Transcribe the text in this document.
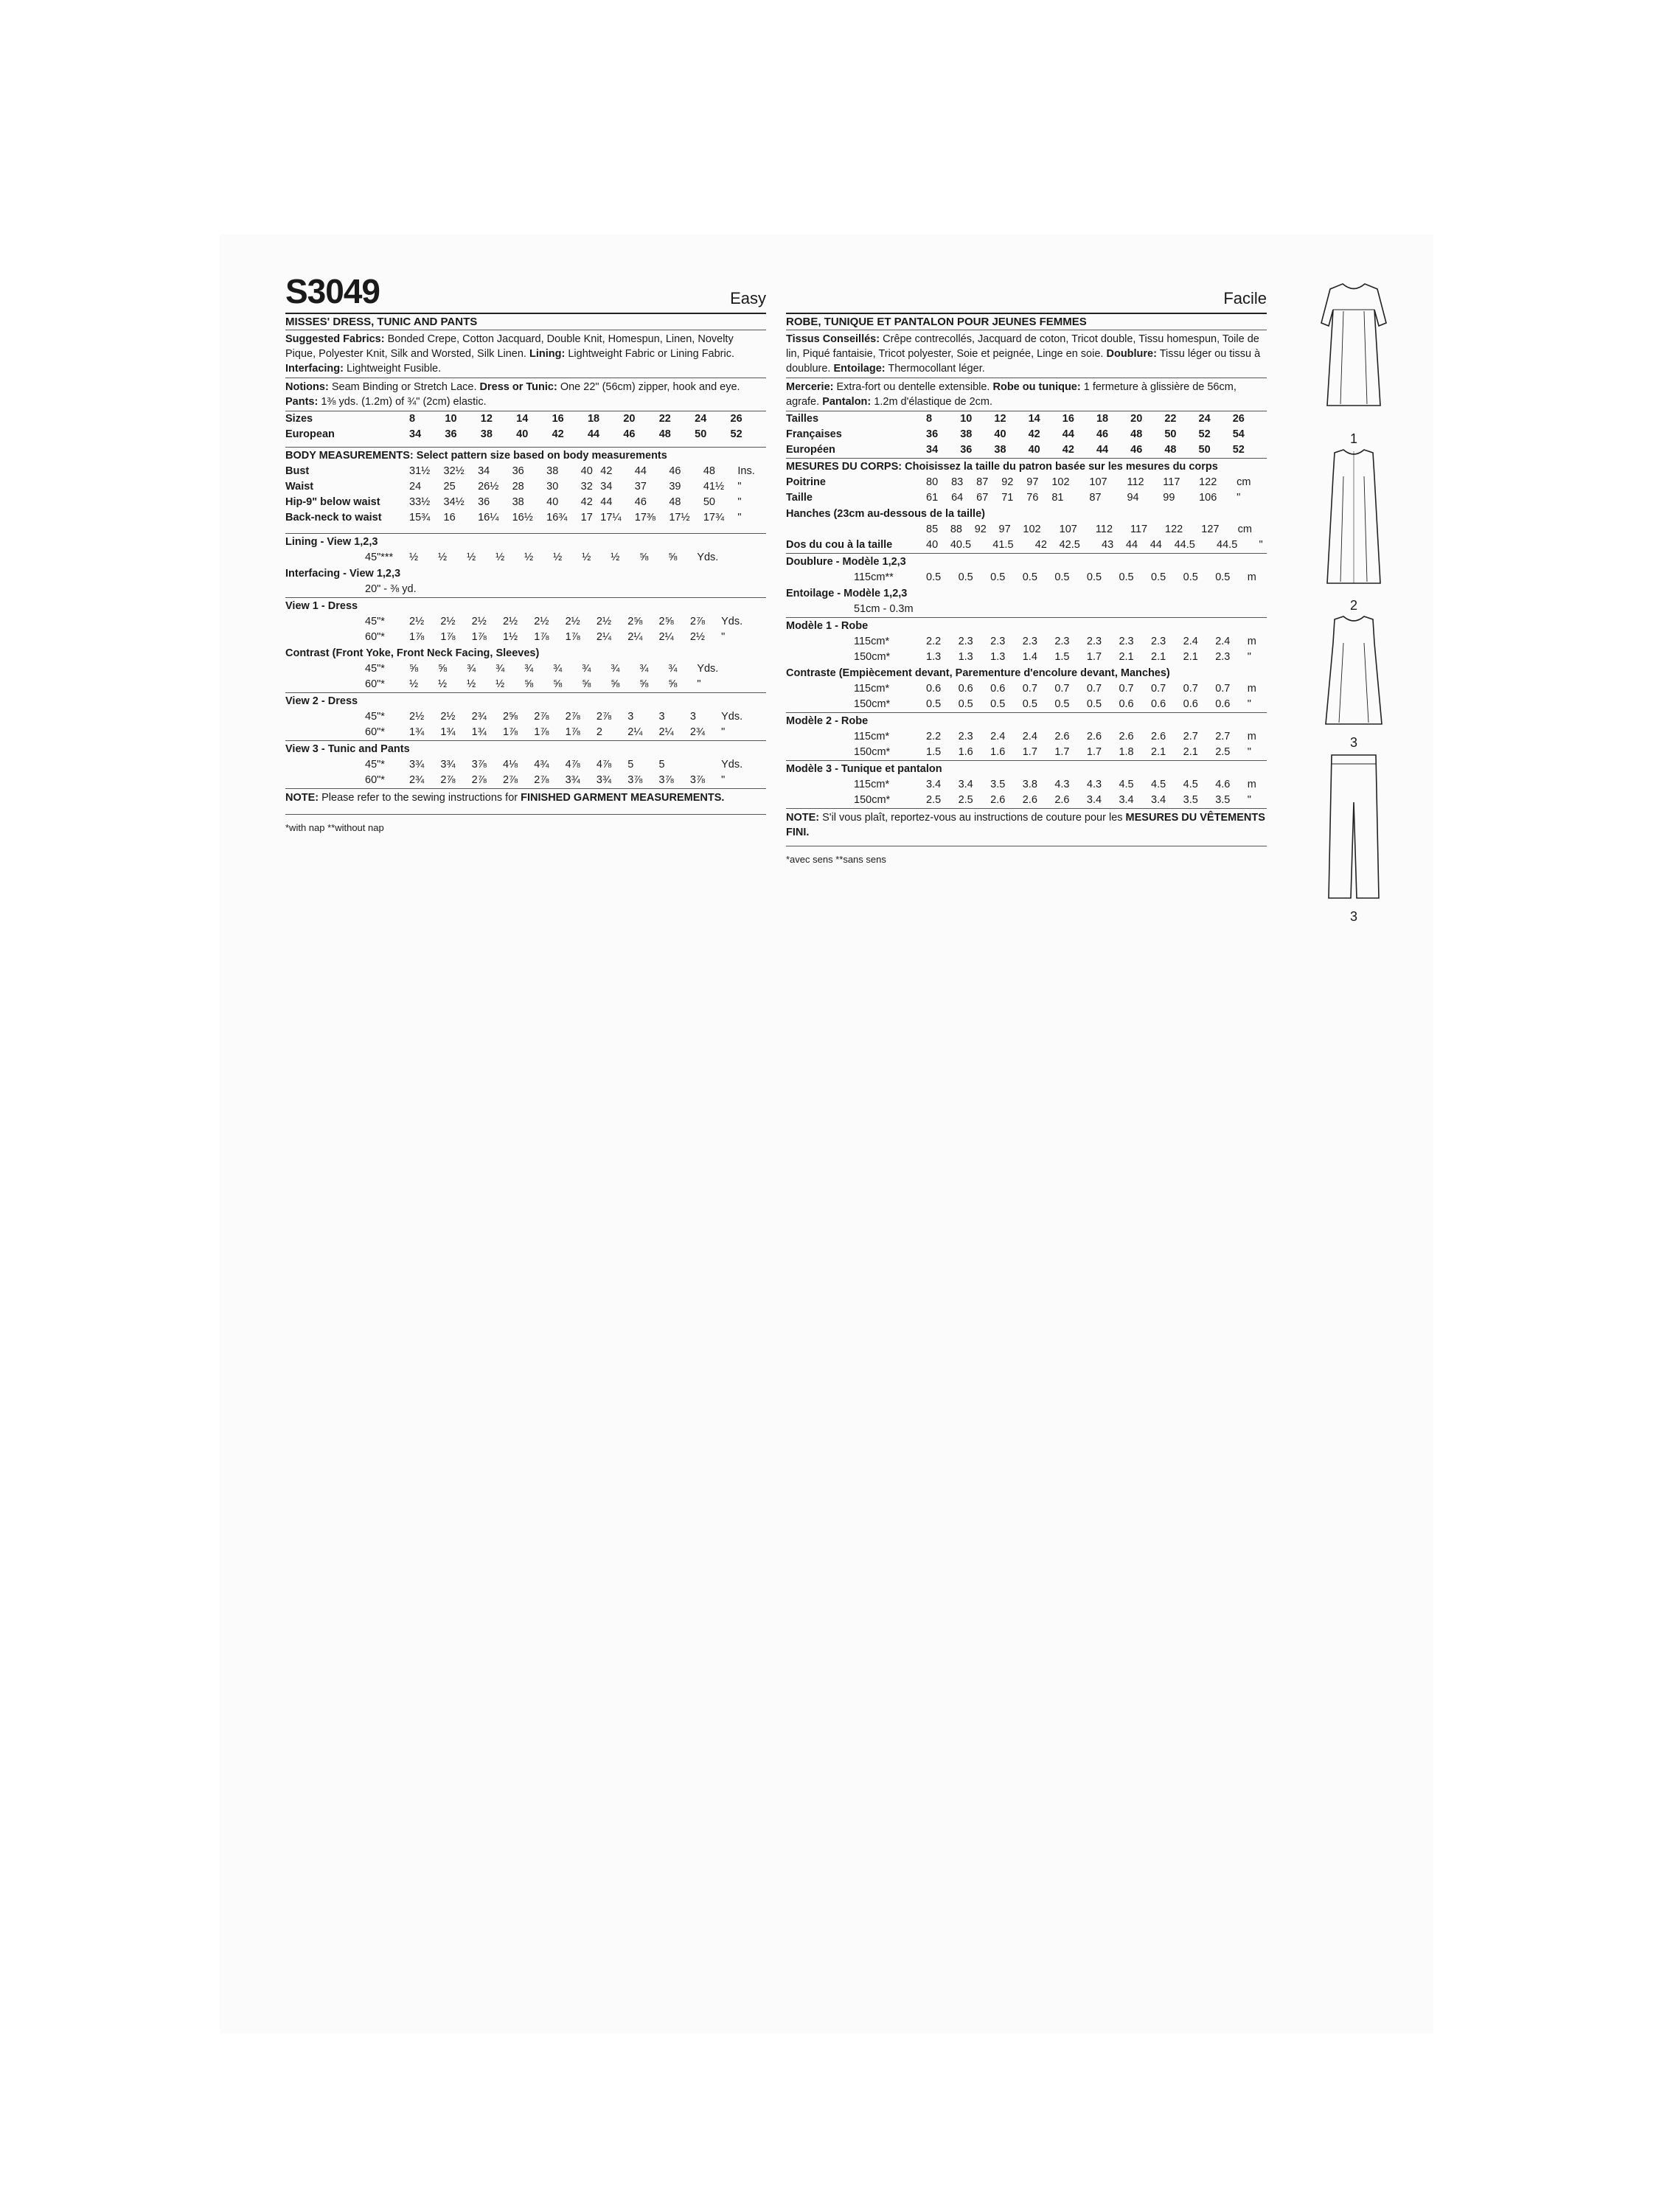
S3049	Easy
MISSES' DRESS, TUNIC AND PANTS
Suggested Fabrics: Bonded Crepe, Cotton Jacquard, Double Knit, Homespun, Linen, Novelty Pique, Polyester Knit, Silk and Worsted, Silk Linen. Lining: Lightweight Fabric or Lining Fabric. Interfacing: Lightweight Fusible.
Notions: Seam Binding or Stretch Lace. Dress or Tunic: One 22" (56cm) zipper, hook and eye. Pants: 1⅜ yds. (1.2m) of ¾" (2cm) elastic.
Sizes	8	10	12	14	16	18	20	22	24	26	
European	34	36	38	40	42	44	46	48	50	52	
BODY MEASUREMENTS: Select pattern size based on body measurements
Bust	31½	32½	34	36	38	40	42	44	46	48	Ins.
Waist	24	25	26½	28	30	32	34	37	39	41½	"
Hip-9" below waist	33½	34½	36	38	40	42	44	46	48	50	"
Back-neck to waist	15¾	16	16¼	16½	16¾	17	17¼	17⅜	17½	17¾	"
Lining - View 1,2,3
45"***	½	½	½	½	½	½	½	½	⅝	⅝	Yds.
Interfacing - View 1,2,3
20" - ⅜ yd.
View 1 - Dress
45"*	2½	2½	2½	2½	2½	2½	2½	2⅝	2⅝	2⅞	Yds.
60"*	1⅞	1⅞	1⅞	1½	1⅞	1⅞	2¼	2¼	2¼	2½	"
Contrast (Front Yoke, Front Neck Facing, Sleeves)
45"*	⅝	⅝	¾	¾	¾	¾	¾	¾	¾	¾	Yds.
60"*	½	½	½	½	⅝	⅝	⅝	⅝	⅝	⅝	"
View 2 - Dress
45"*	2½	2½	2¾	2⅝	2⅞	2⅞	2⅞	3	3	3	Yds.
60"*	1¾	1¾	1¾	1⅞	1⅞	1⅞	2	2¼	2¼	2¾	"
View 3 - Tunic and Pants
45"*	3¾	3¾	3⅞	4⅛	4¾	4⅞	4⅞	5	5		Yds.
60"*	2¾	2⅞	2⅞	2⅞	2⅞	3¾	3¾	3⅞	3⅞	3⅞	"
NOTE: Please refer to the sewing instructions for FINISHED GARMENT MEASUREMENTS.
*with nap **without nap
Facile
ROBE, TUNIQUE ET PANTALON POUR JEUNES FEMMES
Tissus Conseillés: Crêpe contrecollés, Jacquard de coton, Tricot double, Tissu homespun, Toile de lin, Piqué fantaisie, Tricot polyester, Soie et peignée, Linge en soie. Doublure: Tissu léger ou tissu à doublure. Entoilage: Thermocollant léger.
Mercerie: Extra-fort ou dentelle extensible. Robe ou tunique: 1 fermeture à glissière de 56cm, agrafe. Pantalon: 1.2m d'élastique de 2cm.
Tailles	8	10	12	14	16	18	20	22	24	26	
Françaises	36	38	40	42	44	46	48	50	52	54	
Européen	34	36	38	40	42	44	46	48	50	52	
MESURES DU CORPS: Choisissez la taille du patron basée sur les mesures du corps
Poitrine	80	83	87	92	97	102	107	112	117	122	cm
Taille	61	64	67	71	76	81	87	94	99	106	"
Hanches (23cm au-dessous de la taille)
	85	88	92	97	102	107	112	117	122	127	cm
Dos du cou à la taille	40	40.5	41.5	42	42.5	43	44	44	44.5	44.5	"
Doublure - Modèle 1,2,3
115cm**	0.5	0.5	0.5	0.5	0.5	0.5	0.5	0.5	0.5	0.5	m
Entoilage - Modèle 1,2,3
51cm - 0.3m
Modèle 1 - Robe
115cm*	2.2	2.3	2.3	2.3	2.3	2.3	2.3	2.3	2.4	2.4	m
150cm*	1.3	1.3	1.3	1.4	1.5	1.7	2.1	2.1	2.1	2.3	"
Contraste (Empiècement devant, Parementure d'encolure devant, Manches)
115cm*	0.6	0.6	0.6	0.7	0.7	0.7	0.7	0.7	0.7	0.7	m
150cm*	0.5	0.5	0.5	0.5	0.5	0.5	0.6	0.6	0.6	0.6	"
Modèle 2 - Robe
115cm*	2.2	2.3	2.4	2.4	2.6	2.6	2.6	2.6	2.7	2.7	m
150cm*	1.5	1.6	1.6	1.7	1.7	1.7	1.8	2.1	2.1	2.5	"
Modèle 3 - Tunique et pantalon
115cm*	3.4	3.4	3.5	3.8	4.3	4.3	4.5	4.5	4.5	4.6	m
150cm*	2.5	2.5	2.6	2.6	2.6	3.4	3.4	3.4	3.5	3.5	"
NOTE: S'il vous plaît, reportez-vous au instructions de couture pour les MESURES DU VÊTEMENTS FINI.
*avec sens **sans sens
1
2
3
3
